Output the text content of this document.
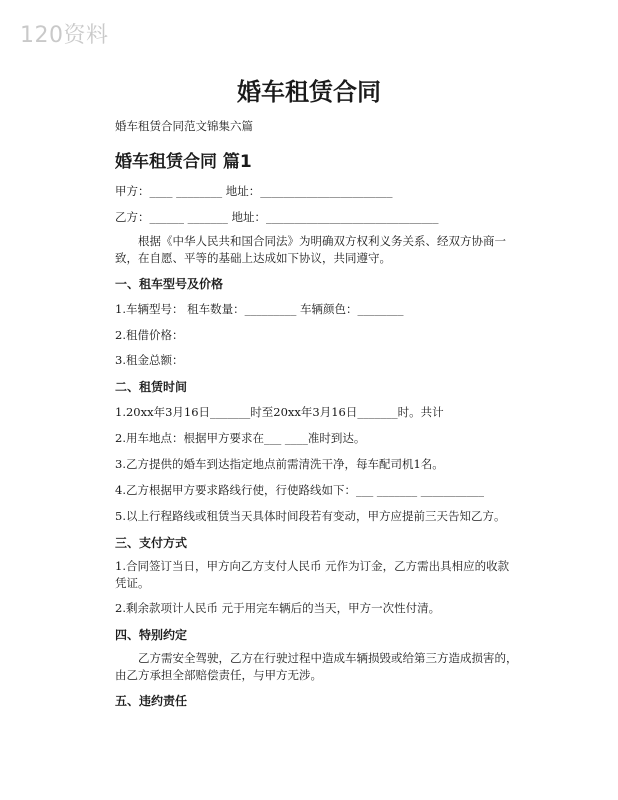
120资料
婚车租赁合同
婚车租赁合同范文锦集六篇
婚车租赁合同 篇1
甲方：____ ________ 地址：_______________________
乙方：______ _______ 地址：______________________________
根据《中华人民共和国合同法》为明确双方权利义务关系、经双方协商一致，在自愿、平等的基础上达成如下协议，共同遵守。
一、租车型号及价格
1.车辆型号： 租车数量：_________ 车辆颜色：________
2.租借价格：
3.租金总额：
二、租赁时间
1.20xx年3月16日_______时至20xx年3月16日_______时。共计
2.用车地点：根据甲方要求在___ ____准时到达。
3.乙方提供的婚车到达指定地点前需清洗干净，每车配司机1名。
4.乙方根据甲方要求路线行使，行使路线如下：___ _______ ___________
5.以上行程路线或租赁当天具体时间段若有变动，甲方应提前三天告知乙方。
三、支付方式
1.合同签订当日，甲方向乙方支付人民币 元作为订金，乙方需出具相应的收款凭证。
2.剩余款项计人民币 元于用完车辆后的当天，甲方一次性付清。
四、特别约定
乙方需安全驾驶，乙方在行驶过程中造成车辆损毁或给第三方造成损害的，由乙方承担全部赔偿责任，与甲方无涉。
五、违约责任
